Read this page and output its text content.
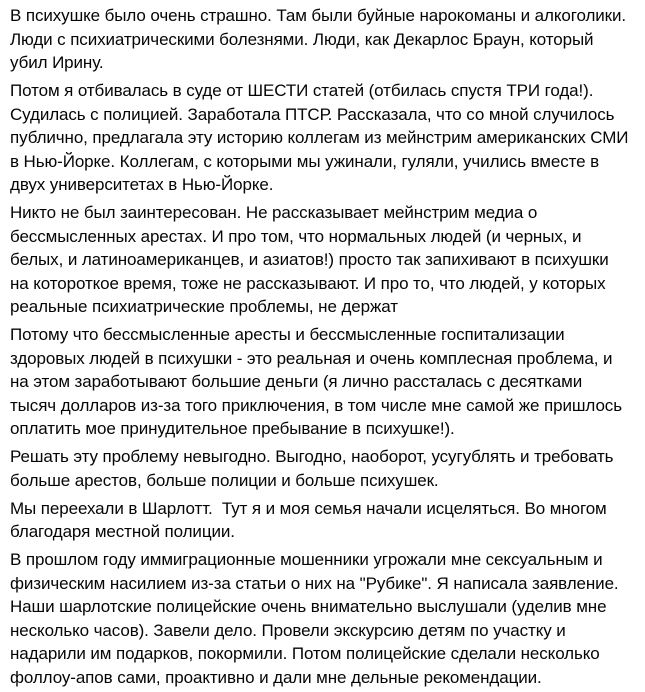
В психушке было очень страшно. Там были буйные нарокоманы и алкоголики. Люди с психиатрическими болезнями. Люди, как Декарлос Браун, который убил Ирину.

Потом я отбивалась в суде от ШЕСТИ статей (отбилась спустя ТРИ года!). Судилась с полицией. Заработала ПТСР. Рассказала, что со мной случилось публично, предлагала эту историю коллегам из мейнстрим американских СМИ в Нью-Йорке. Коллегам, с которыми мы ужинали, гуляли, учились вместе в двух университетах в Нью-Йорке.

Никто не был заинтересован. Не рассказывает мейнстрим медиа о бессмысленных арестах. И про том, что нормальных людей (и черных, и белых, и латиноамериканцев, и азиатов!) просто так запихивают в психушки на котороткое время, тоже не рассказывают. И про то, что людей, у которых реальные психиатрические проблемы, не держат

Потому что бессмысленные аресты и бессмысленные госпитализации здоровых людей в психушки - это реальная и очень комплесная проблема, и на этом заработывают большие деньги (я лично рассталась с десятками тысяч долларов из-за того приключения, в том числе мне самой же пришлось оплатить мое принудительное пребывание в психушке!).

Решать эту проблему невыгодно. Выгодно, наоборот, усугублять и требовать больше арестов, больше полиции и больше психушек.

Мы переехали в Шарлотт.  Тут я и моя семья начали исцеляться. Во многом благодаря местной полиции.

В прошлом году иммиграционные мошенники угрожали мне сексуальным и физическим насилием из-за статьи о них на "Рубике". Я написала заявление. Наши шарлотские полицейские очень внимательно выслушали (уделив мне несколько часов). Завели дело. Провели экскурсию детям по участку и надарили им подарков, покормили. Потом полицейские сделали несколько фоллоу-апов сами, проактивно и дали мне дельные рекомендации.
